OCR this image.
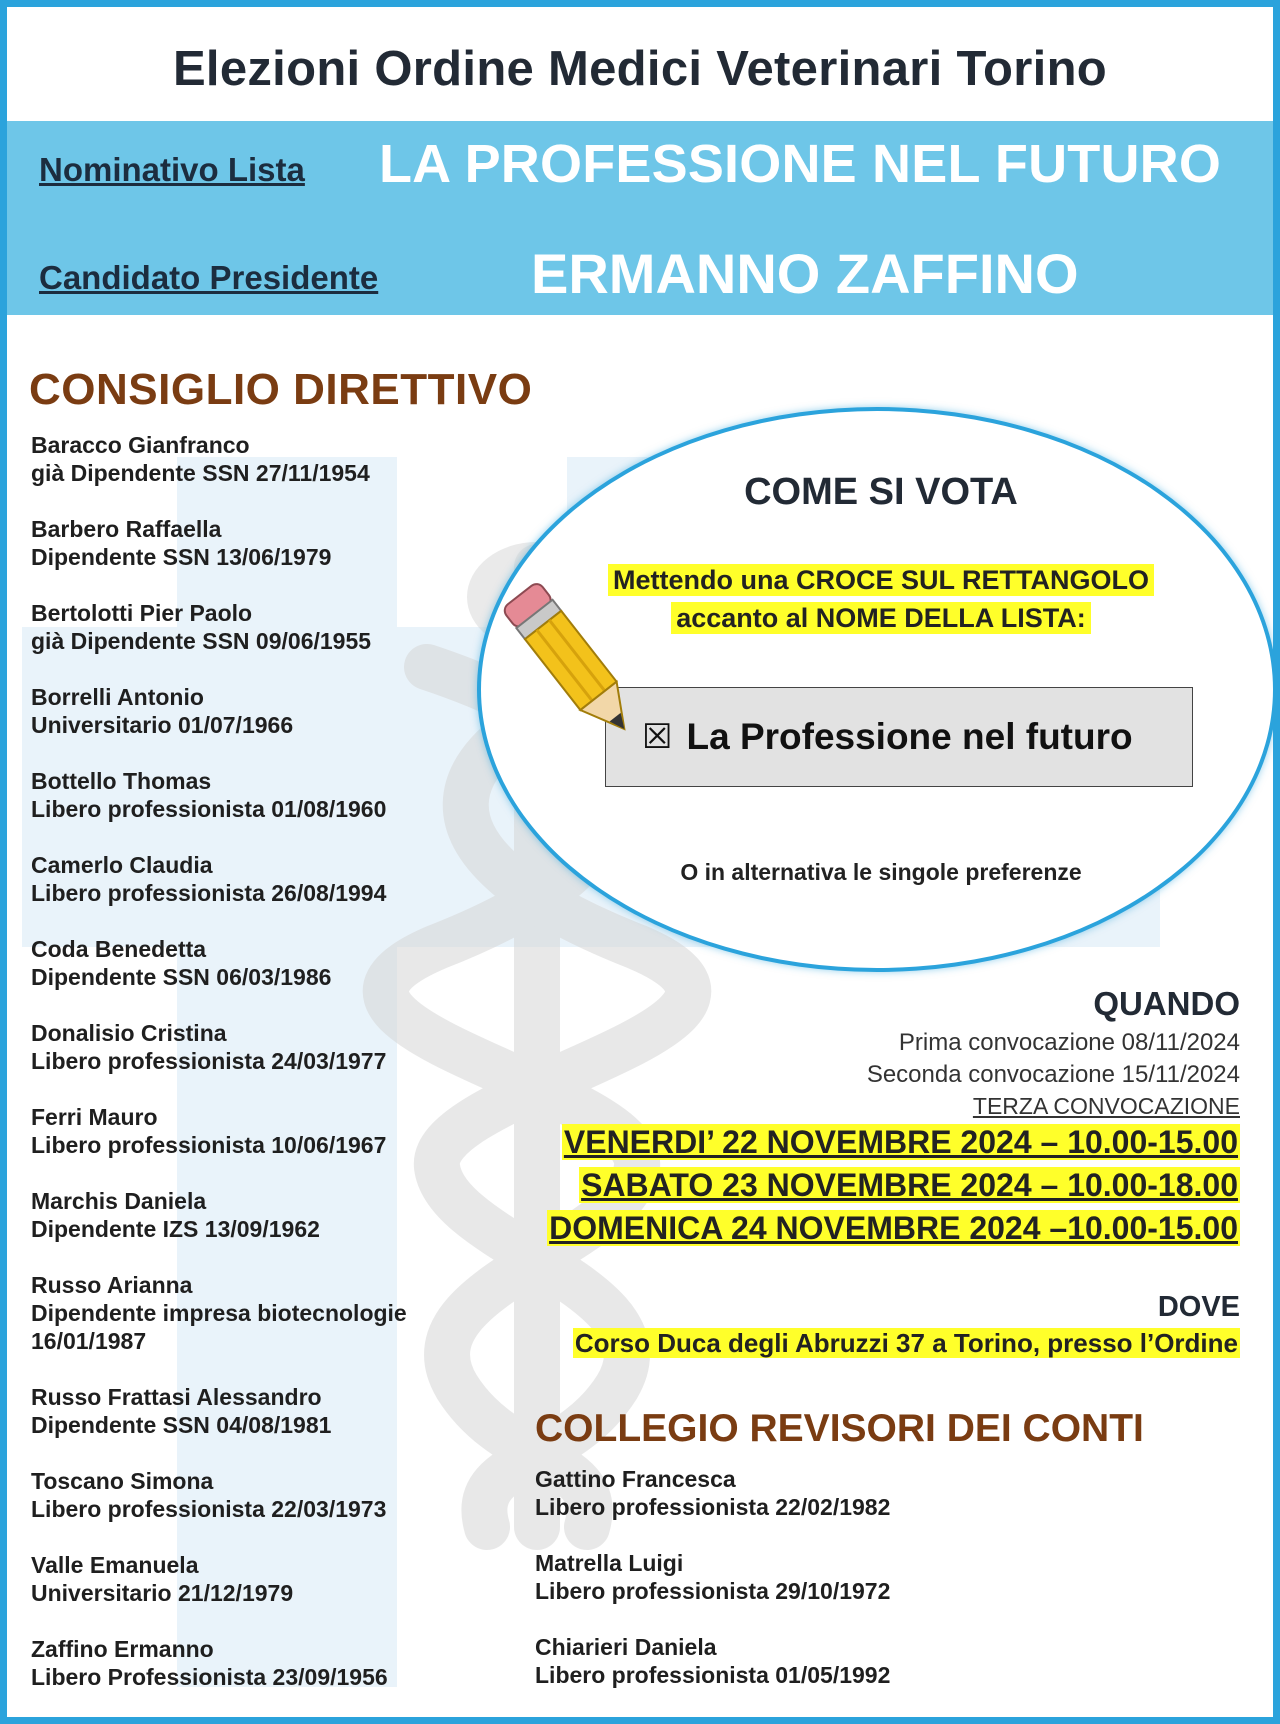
Elezioni Ordine Medici Veterinari Torino
Nominativo Lista LA PROFESSIONE NEL FUTURO
Candidato Presidente	ERMANNO ZAFFINO
CONSIGLIO DIRETTIVO
Baracco Gianfranco
già Dipendente SSN 27/11/1954
Barbero Raffaella
Dipendente SSN 13/06/1979
Bertolotti Pier Paolo
già Dipendente SSN 09/06/1955
Borrelli Antonio
Universitario 01/07/1966
Bottello Thomas
Libero professionista 01/08/1960
Camerlo Claudia
Libero professionista 26/08/1994
Coda Benedetta
Dipendente SSN 06/03/1986
Donalisio Cristina
Libero professionista 24/03/1977
Ferri Mauro
Libero professionista 10/06/1967
Marchis Daniela
Dipendente IZS 13/09/1962
Russo Arianna
Dipendente impresa biotecnologie
16/01/1987
Russo Frattasi Alessandro
Dipendente SSN 04/08/1981
Toscano Simona
Libero professionista 22/03/1973
Valle Emanuela
Universitario 21/12/1979
Zaffino Ermanno
Libero Professionista 23/09/1956
COME SI VOTA
Mettendo una CROCE SUL RETTANGOLO
accanto al NOME DELLA LISTA:
☒ La Professione nel futuro
O in alternativa le singole preferenze
QUANDO
Prima convocazione 08/11/2024
Seconda convocazione 15/11/2024
TERZA CONVOCAZIONE
VENERDI’ 22 NOVEMBRE 2024 – 10.00-15.00
SABATO 23 NOVEMBRE 2024 – 10.00-18.00
DOMENICA 24 NOVEMBRE 2024 –10.00-15.00
DOVE
Corso Duca degli Abruzzi 37 a Torino, presso l’Ordine
COLLEGIO REVISORI DEI CONTI
Gattino Francesca
Libero professionista 22/02/1982
Matrella Luigi
Libero professionista 29/10/1972
Chiarieri Daniela
Libero professionista 01/05/1992
